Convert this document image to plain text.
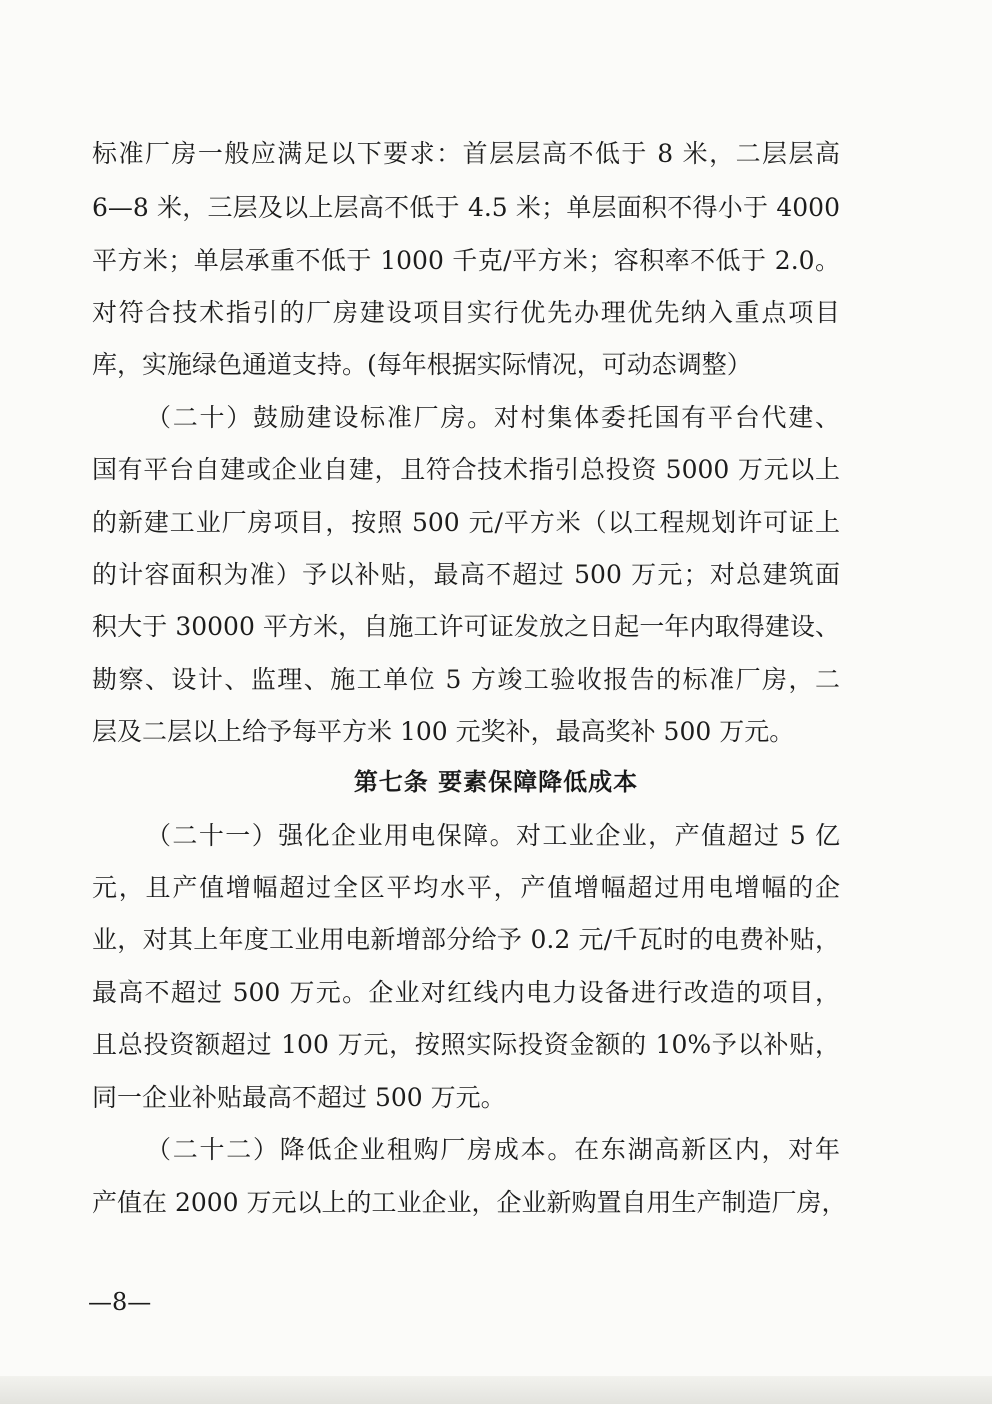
标准厂房一般应满足以下要求：首层层高不低于 8 米，二层层高
6—8 米，三层及以上层高不低于 4.5 米；单层面积不得小于 4000
平方米；单层承重不低于 1000 千克/平方米；容积率不低于 2.0。
对符合技术指引的厂房建设项目实行优先办理优先纳入重点项目
库，实施绿色通道支持。(每年根据实际情况，可动态调整）
（二十）鼓励建设标准厂房。对村集体委托国有平台代建、
国有平台自建或企业自建，且符合技术指引总投资 5000 万元以上
的新建工业厂房项目，按照 500 元/平方米（以工程规划许可证上
的计容面积为准）予以补贴，最高不超过 500 万元；对总建筑面
积大于 30000 平方米，自施工许可证发放之日起一年内取得建设、
勘察、设计、监理、施工单位 5 方竣工验收报告的标准厂房，二
层及二层以上给予每平方米 100 元奖补，最高奖补 500 万元。
第七条 要素保障降低成本
（二十一）强化企业用电保障。对工业企业，产值超过 5 亿
元，且产值增幅超过全区平均水平，产值增幅超过用电增幅的企
业，对其上年度工业用电新增部分给予 0.2 元/千瓦时的电费补贴，
最高不超过 500 万元。企业对红线内电力设备进行改造的项目，
且总投资额超过 100 万元，按照实际投资金额的 10%予以补贴，
同一企业补贴最高不超过 500 万元。
（二十二）降低企业租购厂房成本。在东湖高新区内，对年
产值在 2000 万元以上的工业企业，企业新购置自用生产制造厂房，
—8—
